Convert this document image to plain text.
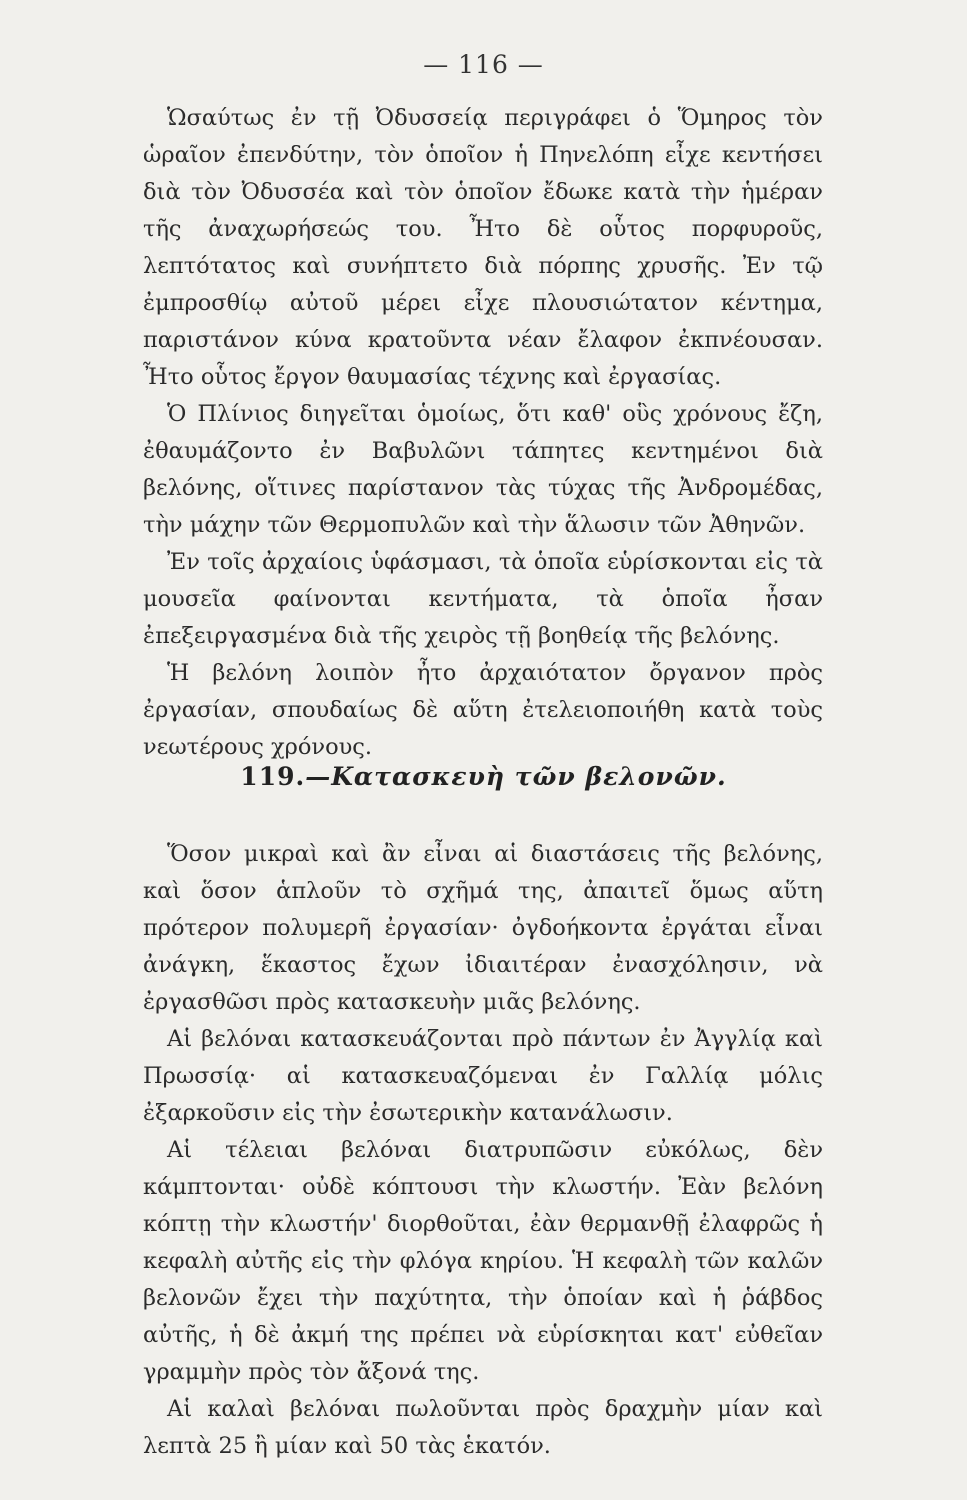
— 116 —

Ὡσαύτως ἐν τῇ Ὀδυσσείᾳ περιγράφει ὁ Ὅμηρος τὸν ὡραῖον ἐπενδύτην, τὸν ὁποῖον ἡ Πηνελόπη εἶχε κεντήσει διὰ τὸν Ὀδυσσέα καὶ τὸν ὁποῖον ἔδωκε κατὰ τὴν ἡμέραν τῆς ἀναχωρήσεώς του. Ἦτο δὲ οὗτος πορφυροῦς, λεπτότατος καὶ συνήπτετο διὰ πόρπης χρυσῆς. Ἐν τῷ ἐμπροσθίῳ αὐτοῦ μέρει εἶχε πλουσιώτατον κέντημα, παριστάνον κύνα κρατοῦντα νέαν ἔλαφον ἐκπνέουσαν. Ἦτο οὗτος ἔργον θαυμασίας τέχνης καὶ ἐργασίας.

Ὁ Πλίνιος διηγεῖται ὁμοίως, ὅτι καθ' οὓς χρόνους ἔζη, ἐθαυμάζοντο ἐν Βαβυλῶνι τάπητες κεντημένοι διὰ βελόνης, οἵτινες παρίστανον τὰς τύχας τῆς Ἀνδρομέδας, τὴν μάχην τῶν Θερμοπυλῶν καὶ τὴν ἅλωσιν τῶν Ἀθηνῶν.

Ἐν τοῖς ἀρχαίοις ὑφάσμασι, τὰ ὁποῖα εὑρίσκονται εἰς τὰ μουσεῖα φαίνονται κεντήματα, τὰ ὁποῖα ἦσαν ἐπεξειργασμένα διὰ τῆς χειρὸς τῇ βοηθείᾳ τῆς βελόνης.

Ἡ βελόνη λοιπὸν ἦτο ἀρχαιότατον ὄργανον πρὸς ἐργασίαν, σπουδαίως δὲ αὕτη ἐτελειοποιήθη κατὰ τοὺς νεωτέρους χρόνους.

119.—Κατασκευὴ τῶν βελονῶν.

Ὅσον μικραὶ καὶ ἂν εἶναι αἱ διαστάσεις τῆς βελόνης, καὶ ὅσον ἁπλοῦν τὸ σχῆμά της, ἀπαιτεῖ ὅμως αὕτη πρότερον πολυμερῆ ἐργασίαν· ὀγδοήκοντα ἐργάται εἶναι ἀνάγκη, ἕκαστος ἔχων ἰδιαιτέραν ἐνασχόλησιν, νὰ ἐργασθῶσι πρὸς κατασκευὴν μιᾶς βελόνης.

Αἱ βελόναι κατασκευάζονται πρὸ πάντων ἐν Ἀγγλίᾳ καὶ Πρωσσίᾳ· αἱ κατασκευαζόμεναι ἐν Γαλλίᾳ μόλις ἐξαρκοῦσιν εἰς τὴν ἐσωτερικὴν κατανάλωσιν.

Αἱ τέλειαι βελόναι διατρυπῶσιν εὐκόλως, δὲν κάμπτονται· οὐδὲ κόπτουσι τὴν κλωστήν. Ἐὰν βελόνη κόπτῃ τὴν κλωστήν' διορθοῦται, ἐὰν θερμανθῇ ἐλαφρῶς ἡ κεφαλὴ αὐτῆς εἰς τὴν φλόγα κηρίου. Ἡ κεφαλὴ τῶν καλῶν βελονῶν ἔχει τὴν παχύτητα, τὴν ὁποίαν καὶ ἡ ῥάβδος αὐτῆς, ἡ δὲ ἀκμή της πρέπει νὰ εὑρίσκηται κατ' εὐθεῖαν γραμμὴν πρὸς τὸν ἄξονά της.

Αἱ καλαὶ βελόναι πωλοῦνται πρὸς δραχμὴν μίαν καὶ λεπτὰ 25 ἢ μίαν καὶ 50 τὰς ἑκατόν.
